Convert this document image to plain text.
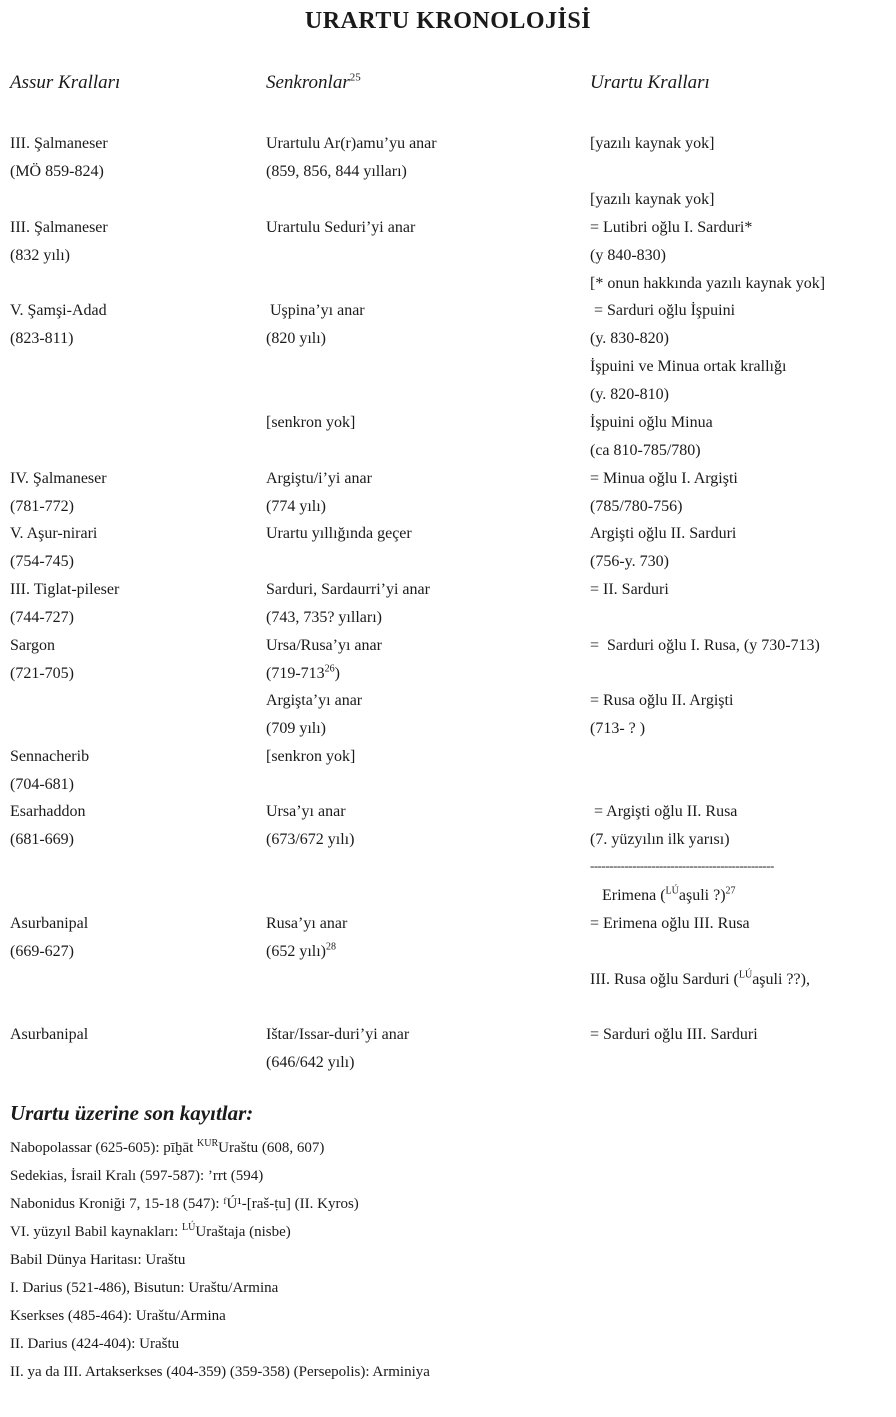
URARTU KRONOLOJİSİ
Assur Kralları	Senkronlar$^{25}$	Urartu Kralları
III. Şalmaneser
(MÖ 859-824)
III. Şalmaneser
(832 yılı)
V. Şamşi-Adad
(823-811)
IV. Şalmaneser
(781-772)
V. Aşur-nirari
(754-745)
III. Tiglat-pileser
(744-727)
Sargon
(721-705)
Sennacherib
(704-681)
Esarhaddon
(681-669)
Asurbanipal
(669-627)
Asurbanipal
Urartulu Ar(r)amu’yu anar
(859, 856, 844 yılları)
Urartulu Seduri’yi anar
Uşpina’yı anar
(820 yılı)
[senkron yok]
Argiştu/i’yi anar
(774 yılı)
Urartu yıllığında geçer
Sarduri, Sardaurri’yi anar
(743, 735? yılları)
Ursa/Rusa’yı anar
$(719-713^{26})$
Argişta’yı anar
(709 yılı)
[senkron yok]
Ursa’yı anar
(673/672 yılı)
Rusa’yı anar
(652 yılı)$^{28}$
Ištar/Issar-duri’yi anar
(646/642 yılı)
[yazılı kaynak yok]
[yazılı kaynak yok]
= Lutibri oğlu I. Sarduri*
(y 840-830)
[* onun hakkında yazılı kaynak yok]
= Sarduri oğlu İşpuini
(y. 830-820)
İşpuini ve Minua ortak krallığı
(y. 820-810)
İşpuini oğlu Minua
(ca 810-785/780)
= Minua oğlu I. Argişti
(785/780-756)
Argişti oğlu II. Sarduri
(756-y. 730)
= II. Sarduri
=  Sarduri oğlu I. Rusa, (y 730-713)
= Rusa oğlu II. Argişti
(713- ? )
= Argişti oğlu II. Rusa
(7. yüzyılın ilk yarısı)
------------------------------------------------
Erimena ($^{LÚ}$aşuli ?)$^{27}$
= Erimena oğlu III. Rusa
III. Rusa oğlu Sarduri ($^{LÚ}$aşuli ??),
= Sarduri oğlu III. Sarduri
Urartu üzerine son kayıtlar:
Nabopolassar (625-605): pīḫāt $^{KUR}$Uraštu (608, 607)
Sedekias, İsrail Kralı (597-587): ’rrt (594)
Nabonidus Kroniği 7, 15-18 (547): ᶠÚ¹-[raš-ṭu] (II. Kyros)
VI. yüzyıl Babil kaynakları: $^{LÚ}$Uraštaja (nisbe)
Babil Dünya Haritası: Uraštu
I. Darius (521-486), Bisutun: Uraštu/Armina
Kserkses (485-464): Uraštu/Armina
II. Darius (424-404): Uraštu
II. ya da III. Artakserkses (404-359) (359-358) (Persepolis): Arminiya
